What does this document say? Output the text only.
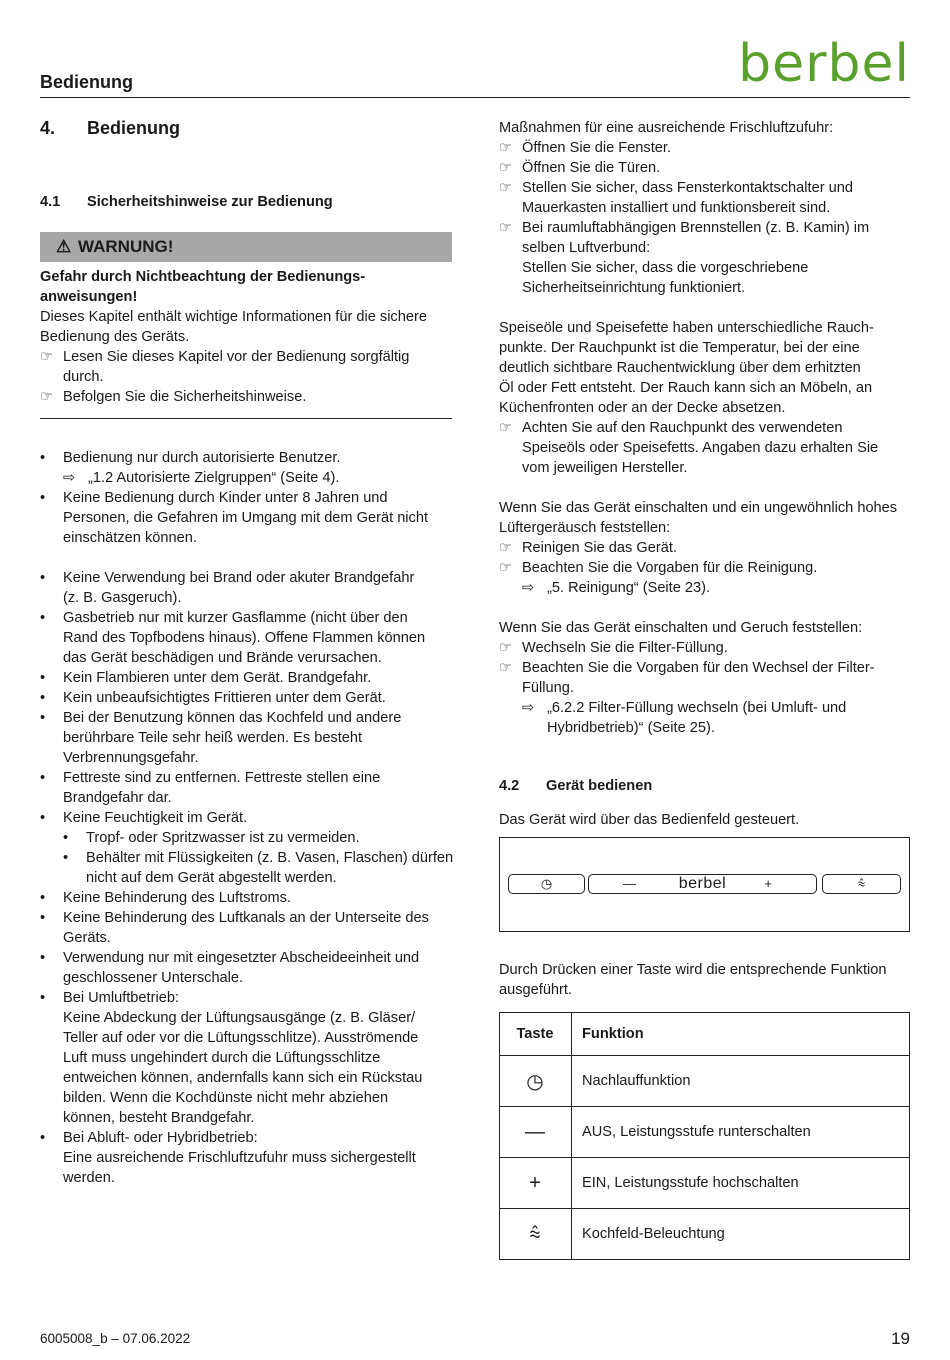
Bedienung	berbel
4. Bedienung
4.1 Sicherheitshinweise zur Bedienung
⚠ WARNUNG!
Gefahr durch Nichtbeachtung der Bedienungs-
anweisungen!
Dieses Kapitel enthält wichtige Informationen für die sichere
Bedienung des Geräts.
☞ Lesen Sie dieses Kapitel vor der Bedienung sorgfältig
durch.
☞ Befolgen Sie die Sicherheitshinweise.
•	Bedienung nur durch autorisierte Benutzer.
⇨ „1.2 Autorisierte Zielgruppen“ (Seite 4).
•	Keine Bedienung durch Kinder unter 8 Jahren und
Personen, die Gefahren im Umgang mit dem Gerät nicht
einschätzen können.
•	Keine Verwendung bei Brand oder akuter Brandgefahr
(z. B. Gasgeruch).
•	Gasbetrieb nur mit kurzer Gasflamme (nicht über den
Rand des Topfbodens hinaus). Offene Flammen können
das Gerät beschädigen und Brände verursachen.
•	Kein Flambieren unter dem Gerät. Brandgefahr.
•	Kein unbeaufsichtigtes Frittieren unter dem Gerät.
•	Bei der Benutzung können das Kochfeld und andere
berührbare Teile sehr heiß werden. Es besteht
Verbrennungsgefahr.
•	Fettreste sind zu entfernen. Fettreste stellen eine
Brandgefahr dar.
•	Keine Feuchtigkeit im Gerät.
• Tropf- oder Spritzwasser ist zu vermeiden.
• Behälter mit Flüssigkeiten (z. B. Vasen, Flaschen) dürfen
nicht auf dem Gerät abgestellt werden.
•	Keine Behinderung des Luftstroms.
•	Keine Behinderung des Luftkanals an der Unterseite des
Geräts.
•	Verwendung nur mit eingesetzter Abscheideeinheit und
geschlossener Unterschale.
•	Bei Umluftbetrieb:
Keine Abdeckung der Lüftungsausgänge (z. B. Gläser/
Teller auf oder vor die Lüftungsschlitze). Ausströmende
Luft muss ungehindert durch die Lüftungsschlitze
entweichen können, andernfalls kann sich ein Rückstau
bilden. Wenn die Kochdünste nicht mehr abziehen
können, besteht Brandgefahr.
•	Bei Abluft- oder Hybridbetrieb:
Eine ausreichende Frischluftzufuhr muss sichergestellt
werden.
Maßnahmen für eine ausreichende Frischluftzufuhr:
☞ Öffnen Sie die Fenster.
☞ Öffnen Sie die Türen.
☞ Stellen Sie sicher, dass Fensterkontaktschalter und
Mauerkasten installiert und funktionsbereit sind.
☞ Bei raumluftabhängigen Brennstellen (z. B. Kamin) im
selben Luftverbund:
Stellen Sie sicher, dass die vorgeschriebene
Sicherheitseinrichtung funktioniert.
Speiseöle und Speisefette haben unterschiedliche Rauch-
punkte. Der Rauchpunkt ist die Temperatur, bei der eine
deutlich sichtbare Rauchentwicklung über dem erhitzten
Öl oder Fett entsteht. Der Rauch kann sich an Möbeln, an
Küchenfronten oder an der Decke absetzen.
☞ Achten Sie auf den Rauchpunkt des verwendeten
Speiseöls oder Speisefetts. Angaben dazu erhalten Sie
vom jeweiligen Hersteller.
Wenn Sie das Gerät einschalten und ein ungewöhnlich hohes
Lüftergeräusch feststellen:
☞ Reinigen Sie das Gerät.
☞ Beachten Sie die Vorgaben für die Reinigung.
⇨ „5. Reinigung“ (Seite 23).
Wenn Sie das Gerät einschalten und Geruch feststellen:
☞ Wechseln Sie die Filter-Füllung.
☞ Beachten Sie die Vorgaben für den Wechsel der Filter-
Füllung.
⇨ „6.2.2 Filter-Füllung wechseln (bei Umluft- und
Hybridbetrieb)“ (Seite 25).
4.2 Gerät bedienen
Das Gerät wird über das Bedienfeld gesteuert.
◷	—	berbel	+	⩯
Durch Drücken einer Taste wird die entsprechende Funktion
ausgeführt.
Taste	Funktion
◷	Nachlauffunktion
—	AUS, Leistungsstufe runterschalten
+	EIN, Leistungsstufe hochschalten
⩯	Kochfeld-Beleuchtung
6005008_b – 07.06.2022	19
